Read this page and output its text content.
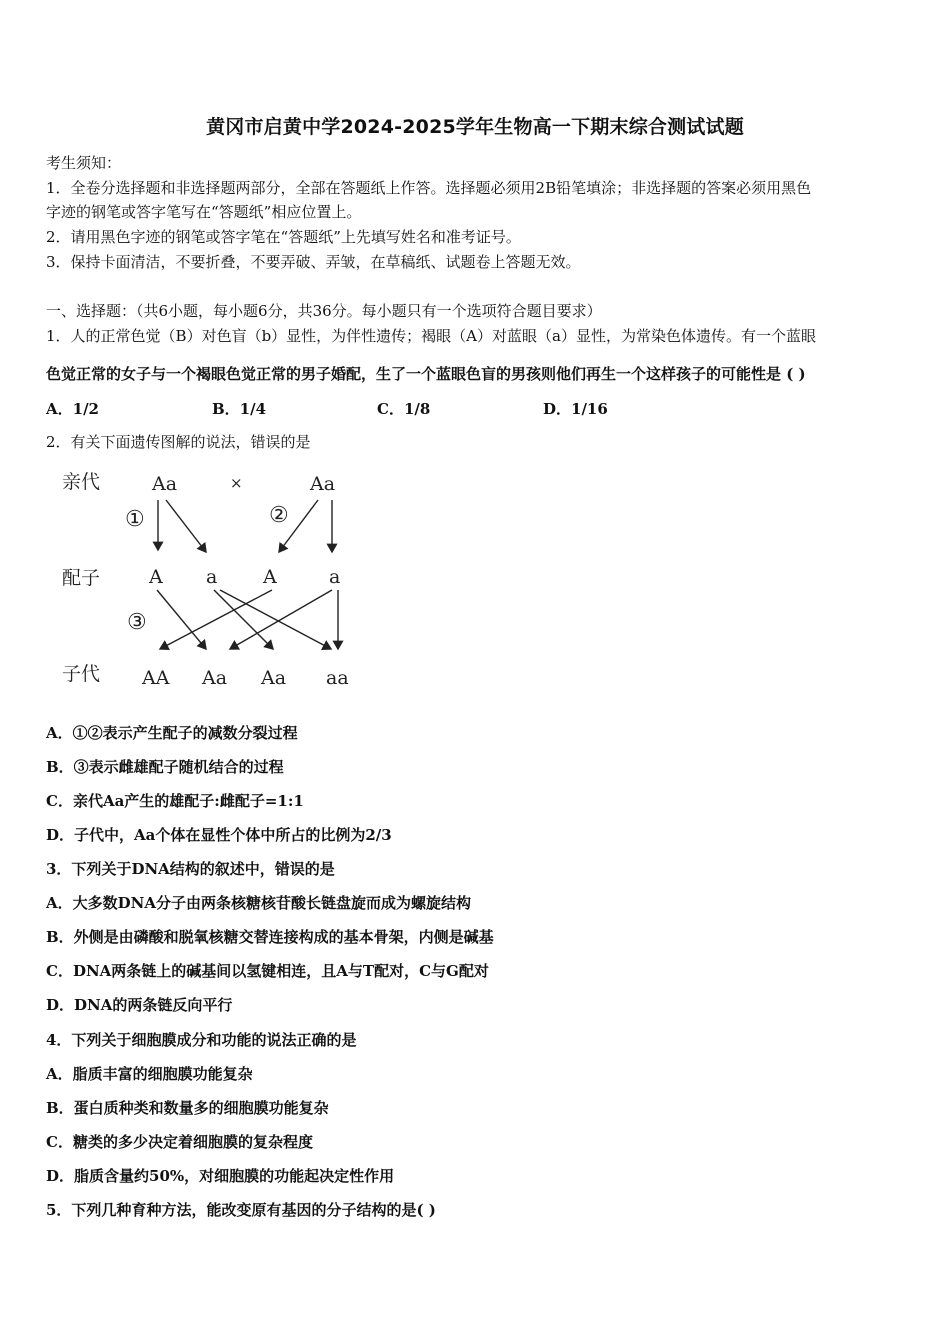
黄冈市启黄中学2024-2025学年生物高一下期末综合测试试题
考生须知：
1．全卷分选择题和非选择题两部分，全部在答题纸上作答。选择题必须用2B铅笔填涂；非选择题的答案必须用黑色
字迹的钢笔或答字笔写在“答题纸”相应位置上。
2．请用黑色字迹的钢笔或答字笔在“答题纸”上先填写姓名和准考证号。
3．保持卡面清洁，不要折叠，不要弄破、弄皱，在草稿纸、试题卷上答题无效。
一、选择题：（共6小题，每小题6分，共36分。每小题只有一个选项符合题目要求）
1．人的正常色觉（B）对色盲（b）显性，为伴性遗传；褐眼（A）对蓝眼（a）显性，为常染色体遗传。有一个蓝眼
色觉正常的女子与一个褐眼色觉正常的男子婚配，生了一个蓝眼色盲的男孩则他们再生一个这样孩子的可能性是 ( )
A．1/2	B．1/4	C．1/8	D．1/16
2．有关下面遗传图解的说法，错误的是
亲代
配子
子代
Aa	×	Aa
①	②
③
A a A	a
AA Aa Aa aa
A．①②表示产生配子的减数分裂过程
B．③表示雌雄配子随机结合的过程
C．亲代Aa产生的雄配子:雌配子=1:1
D．子代中，Aa个体在显性个体中所占的比例为2/3
3．下列关于DNA结构的叙述中，错误的是
A．大多数DNA分子由两条核糖核苷酸长链盘旋而成为螺旋结构
B．外侧是由磷酸和脱氧核糖交替连接构成的基本骨架，内侧是碱基
C．DNA两条链上的碱基间以氢键相连，且A与T配对，C与G配对
D．DNA的两条链反向平行
4．下列关于细胞膜成分和功能的说法正确的是
A．脂质丰富的细胞膜功能复杂
B．蛋白质种类和数量多的细胞膜功能复杂
C．糖类的多少决定着细胞膜的复杂程度
D．脂质含量约50%，对细胞膜的功能起决定性作用
5．下列几种育种方法，能改变原有基因的分子结构的是( )
